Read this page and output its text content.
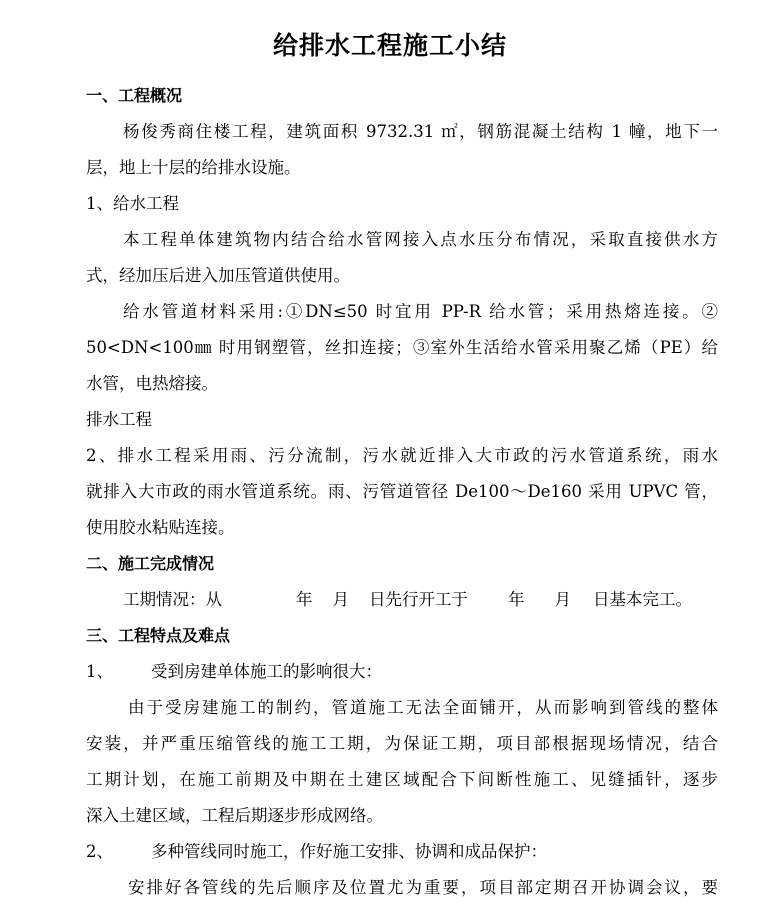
给排水工程施工小结
一、工程概况
杨俊秀商住楼工程，建筑面积 9732.31 ㎡，钢筋混凝土结构 1 幢，地下一
层，地上十层的给排水设施。
1、给水工程
本工程单体建筑物内结合给水管网接入点水压分布情况，采取直接供水方
式，经加压后进入加压管道供使用。
给水管道材料采用:①DN≤50 时宜用 PP-R 给水管；采用热熔连接。②
50<DN<100㎜ 时用钢塑管，丝扣连接；③室外生活给水管采用聚乙烯（PE）给
水管，电热熔接。
排水工程
2、排水工程采用雨、污分流制，污水就近排入大市政的污水管道系统，雨水
就排入大市政的雨水管道系统。雨、污管道管径 De100～De160 采用 UPVC 管，
使用胶水粘贴连接。
二、施工完成情况
工期情况：从	年 月 日先行开工于 年 月 日基本完工。
三、工程特点及难点
1、 受到房建单体施工的影响很大：
由于受房建施工的制约，管道施工无法全面铺开，从而影响到管线的整体
安装，并严重压缩管线的施工工期，为保证工期，项目部根据现场情况，结合
工期计划，在施工前期及中期在土建区域配合下间断性施工、见缝插针，逐步
深入土建区域，工程后期逐步形成网络。
2、 多种管线同时施工，作好施工安排、协调和成品保护：
安排好各管线的先后顺序及位置尤为重要，项目部定期召开协调会议，要
